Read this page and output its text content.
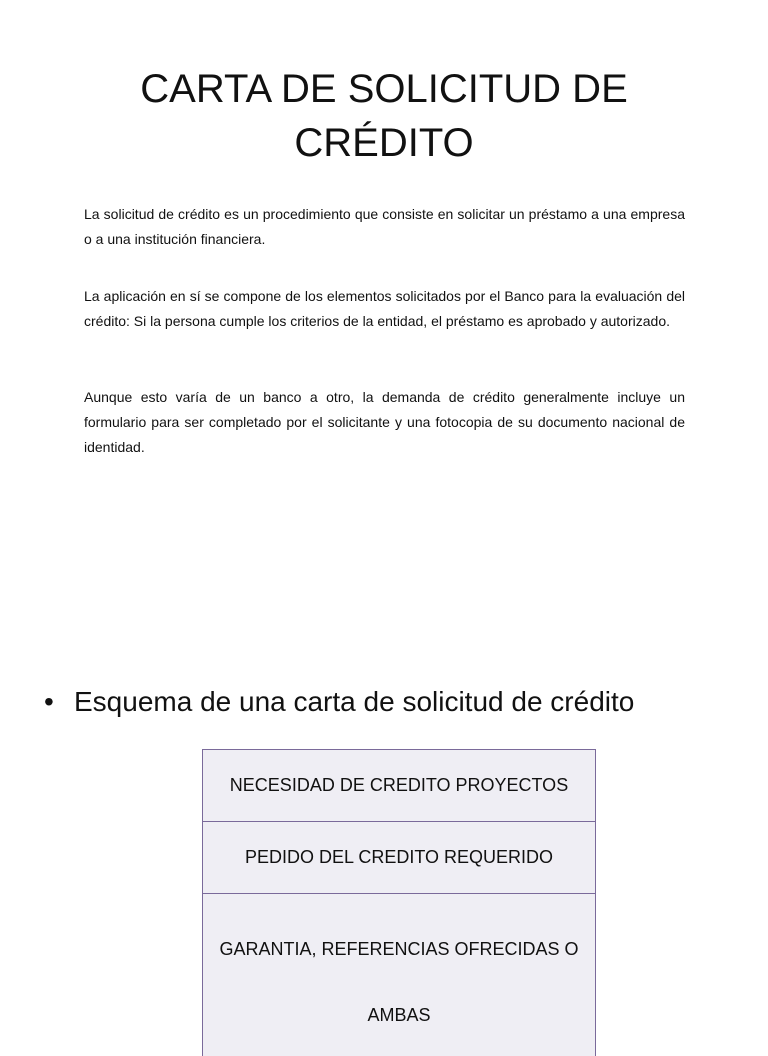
CARTA DE SOLICITUD DE
CRÉDITO

La solicitud de crédito es un procedimiento que consiste en solicitar un préstamo a una empresa o a una institución financiera.

La aplicación en sí se compone de los elementos solicitados por el Banco para la evaluación del crédito: Si la persona cumple los criterios de la entidad, el préstamo es aprobado y autorizado.

Aunque esto varía de un banco a otro, la demanda de crédito generalmente incluye un formulario para ser completado por el solicitante y una fotocopia de su documento nacional de identidad.

• Esquema de una carta de solicitud de crédito
NECESIDAD DE CREDITO PROYECTOS
PEDIDO DEL CREDITO REQUERIDO
GARANTIA, REFERENCIAS OFRECIDAS O AMBAS
